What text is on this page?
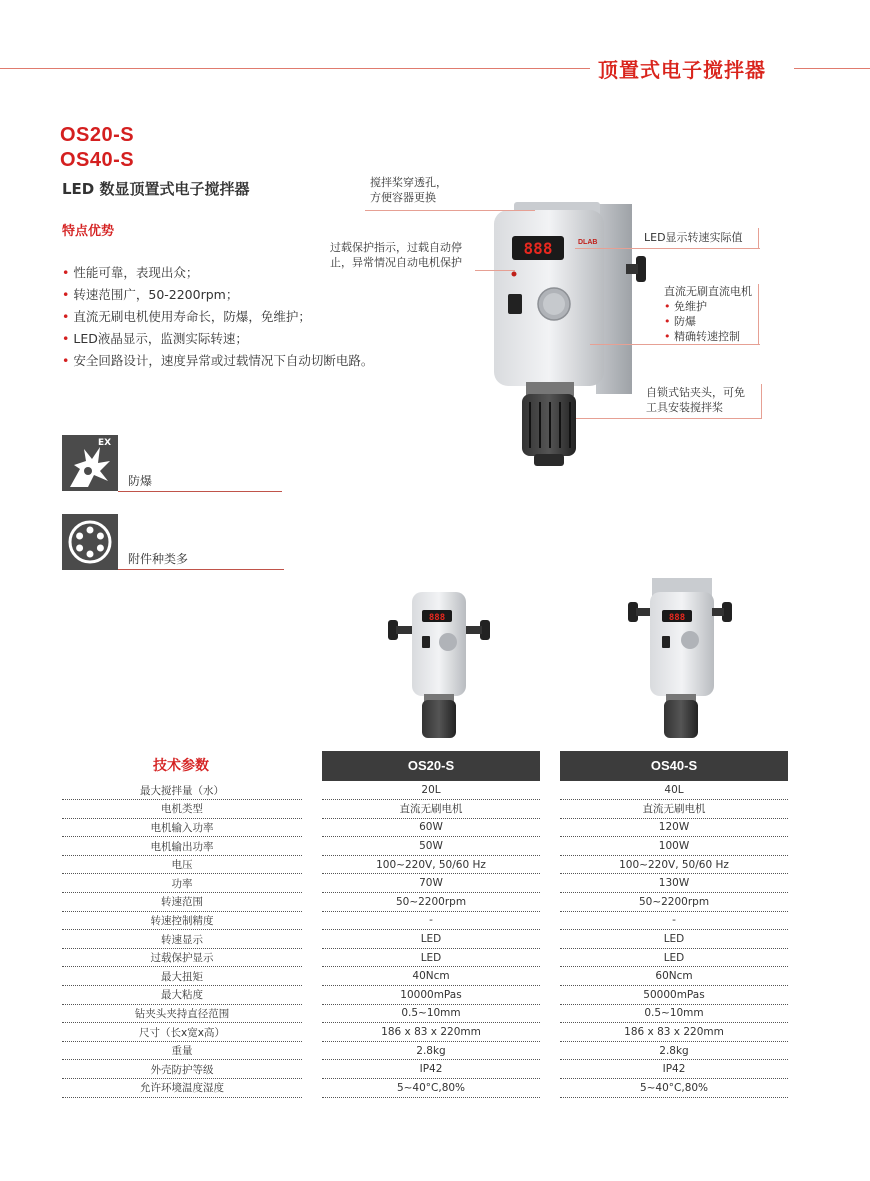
顶置式电子搅拌器
OS20-S
OS40-S
LED 数显顶置式电子搅拌器
特点优势
• 性能可靠，表现出众；
• 转速范围广，50-2200rpm；
• 直流无刷电机使用寿命长，防爆，免维护；
• LED液晶显示，监测实际转速；
• 安全回路设计，速度异常或过载情况下自动切断电路。
888	DLAB
搅拌桨穿透孔，
方便容器更换
过载保护指示，过载自动停
止，异常情况自动电机保护
LED显示转速实际值
直流无刷直流电机
• 免维护
• 防爆
• 精确转速控制
自锁式钻夹头，可免
工具安装搅拌桨
EX
防爆
附件种类多
888	888
技术参数	OS20-S	OS40-S
最大搅拌量（水）		20L		40L
电机类型		直流无刷电机		直流无刷电机
电机输入功率		60W		120W
电机输出功率		50W		100W
电压		100~220V, 50/60 Hz		100~220V, 50/60 Hz
功率		70W		130W
转速范围		50~2200rpm		50~2200rpm
转速控制精度		-		-
转速显示		LED		LED
过载保护显示		LED		LED
最大扭矩		40Ncm		60Ncm
最大粘度		10000mPas		50000mPas
钻夹头夹持直径范围		0.5~10mm		0.5~10mm
尺寸（长x宽x高）		186 x 83 x 220mm		186 x 83 x 220mm
重量		2.8kg		2.8kg
外壳防护等级		IP42		IP42
允许环境温度湿度		5~40°C,80%		5~40°C,80%
